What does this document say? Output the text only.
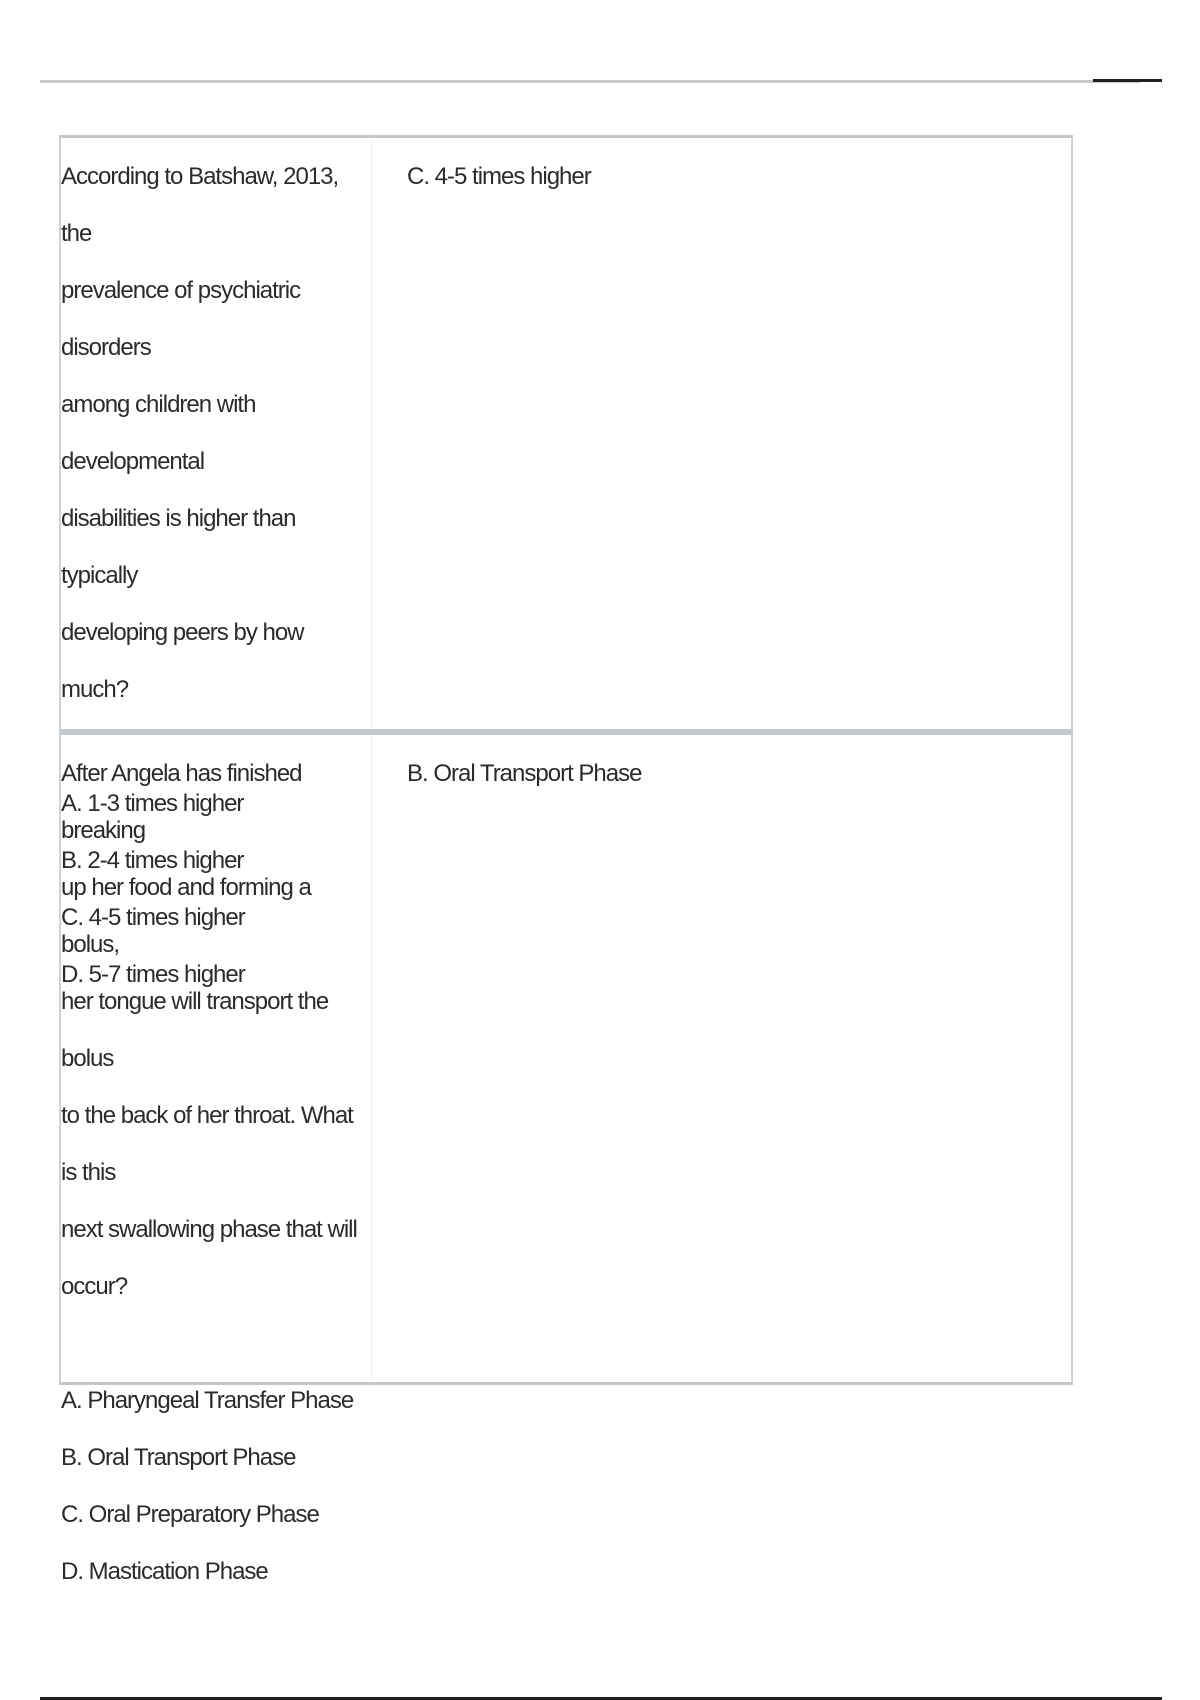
According to Batshaw, 2013, the

prevalence of psychiatric disorders

among children with developmental

disabilities is higher than typically

developing peers by how much?

A. 1-3 times higher

B. 2-4 times higher

C. 4-5 times higher

D. 5-7 times higher

C. 4-5 times higher

After Angela has finished breaking

up her food and forming a bolus,

her tongue will transport the bolus

to the back of her throat. What is this

next swallowing phase that will

occur?

A. Pharyngeal Transfer Phase

B. Oral Transport Phase

C. Oral Preparatory Phase

D. Mastication Phase

B. Oral Transport Phase
